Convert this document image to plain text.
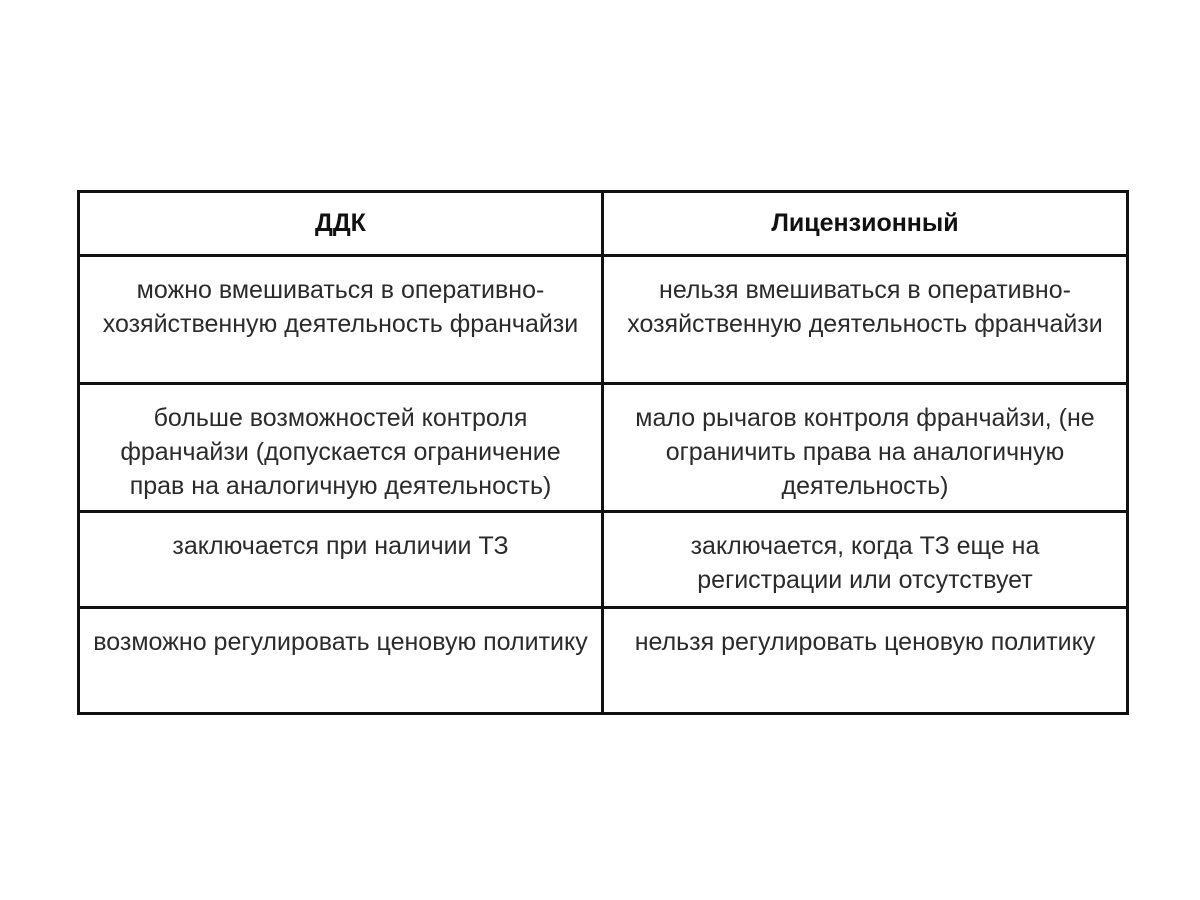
ДДК	Лицензионный
можно вмешиваться в оперативно-хозяйственную деятельность франчайзи	нельзя вмешиваться в оперативно-хозяйственную деятельность франчайзи
больше возможностей контроля франчайзи (допускается ограничение прав на аналогичную деятельность)	мало рычагов контроля франчайзи, (не ограничить права на аналогичную деятельность)
заключается при наличии ТЗ	заключается, когда ТЗ еще на регистрации или отсутствует
возможно регулировать ценовую политику	нельзя регулировать ценовую политику
